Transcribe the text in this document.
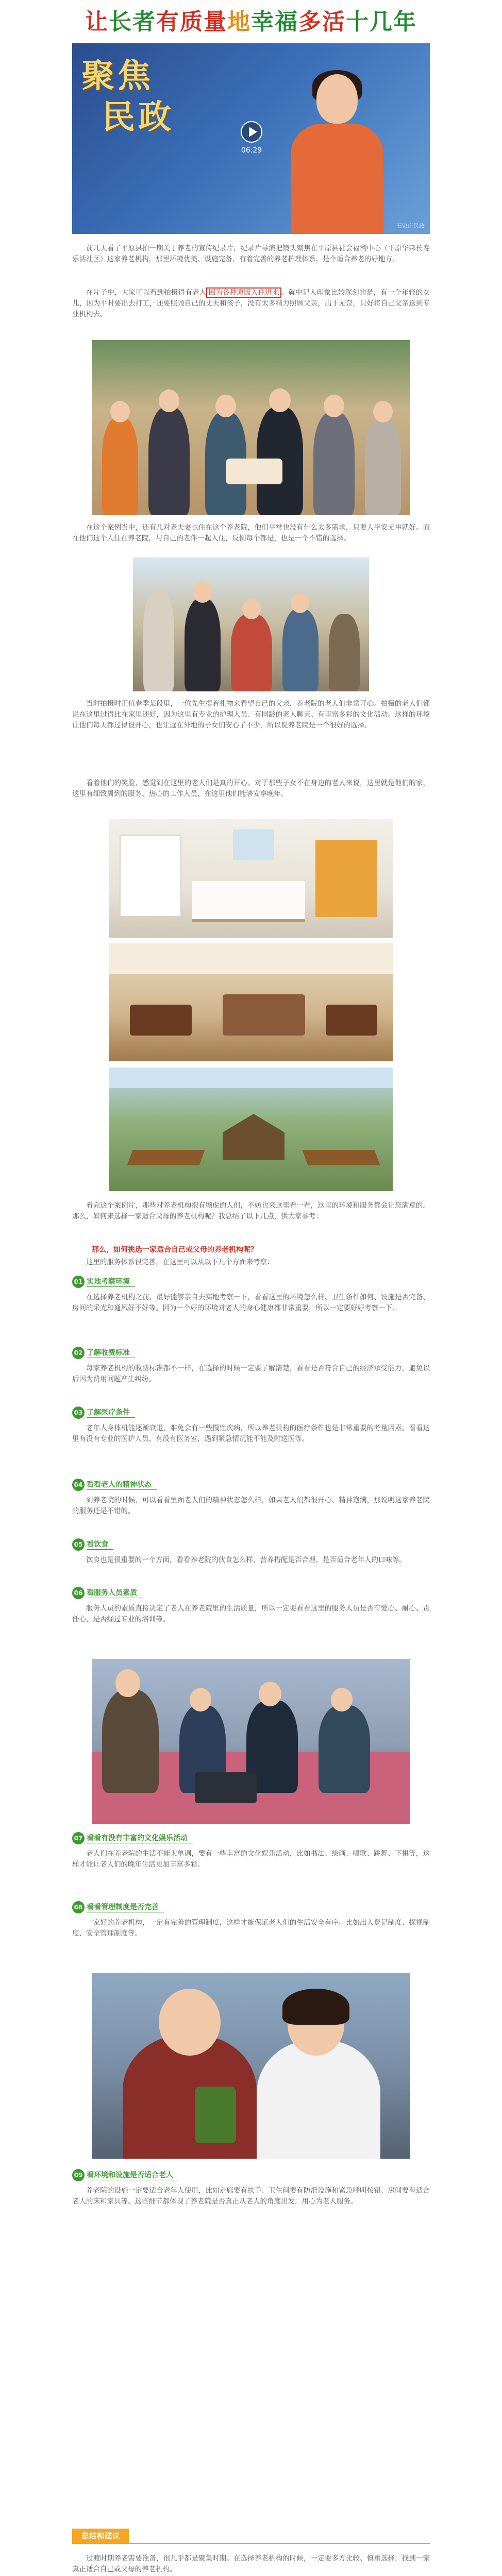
让长者有质量地幸福多活十几年
聚焦
民政
06:29
石家庄民政

前几天看了平原县拍一期关于养老的宣传纪录片，纪录片导演把镜头聚焦在平原县社会福利中心（平原华邦长寿乐活社区）这家养老机构，那里环境优美、设施完备，有着完善的养老护理体系，是个适合养老的好地方。

在片子中，大家可以看到拍摄得有老人 因为各种原因入住进来 。就中记人印象比较深刻的是，有一个年轻的女儿，因为平时要出去打工，还要照顾自己的丈夫和孩子，没有太多精力照顾父亲，出于无奈，只好将自己父亲送到专业机构去。

在这个案例当中，还有几对老夫妻也住在这个养老院，他们平常也没有什么太多需求，只要人平安无事就好。而在他们这个人住在养老院，与自己的老伴一起入住，反倒每个都是，也是一个不错的选择。

当时拍摄时正值春季某段里，一位先生提着礼物来看望自己的父亲，养老院的老人们非常开心。拍摄的老人们都说在这里过得比在家里还好，因为这里有专业的护理人员、有同龄的老人聊天、有丰富多彩的文化活动。这样的环境让他们每天都过得很开心，也让远在外地的子女们安心了不少，所以说养老院是一个很好的选择。

看着他们的笑脸，感觉到在这里的老人们是真的开心。对于那些子女不在身边的老人来说，这里就是他们的家，这里有细致周到的服务、热心的工作人员，在这里他们能够安享晚年。

看完这个案例片，那些对养老机构抱有顾虑的人们，不妨也来这里看一看，这里的环境和服务都会让您满意的。那么，如何来选择一家适合父母的养老机构呢？我总结了以下几点，供大家参考：

那么，如何挑选一家适合自己或父母的养老机构呢？

这里的服务体系很完善，在这里可以从以下几个方面来考察：

01 实地考察环境

在选择养老机构之前，最好能够亲自去实地考察一下，看看这里的环境怎么样、卫生条件如何、设施是否完备、房间的采光和通风好不好等。因为一个好的环境对老人的身心健康都非常重要，所以一定要好好考察一下。

02 了解收费标准

每家养老机构的收费标准都不一样，在选择的时候一定要了解清楚，看看是否符合自己的经济承受能力，避免以后因为费用问题产生纠纷。

03 了解医疗条件

老年人身体机能逐渐衰退，难免会有一些慢性疾病，所以养老机构的医疗条件也是非常重要的考量因素。看看这里有没有专业的医护人员、有没有医务室，遇到紧急情况能不能及时送医等。

04 看看老人的精神状态

到养老院的时候，可以看看里面老人们的精神状态怎么样，如果老人们都很开心、精神饱满，那说明这家养老院的服务还是不错的。

05 看饮食

饮食也是很重要的一个方面，看看养老院的伙食怎么样，营养搭配是否合理，是否适合老年人的口味等。

06 看服务人员素质

服务人员的素质直接决定了老人在养老院里的生活质量，所以一定要看看这里的服务人员是否有爱心、耐心、责任心，是否经过专业的培训等。

07 看看有没有丰富的文化娱乐活动

老人们在养老院的生活不能太单调，要有一些丰富的文化娱乐活动，比如书法、绘画、唱歌、跳舞、下棋等，这样才能让老人们的晚年生活更加丰富多彩。

08 看看管理制度是否完善

一家好的养老机构，一定有完善的管理制度，这样才能保证老人们的生活安全有序。比如出入登记制度、探视制度、安全管理制度等。

09 看环境和设施是否适合老人

养老院的设施一定要适合老年人使用，比如走廊要有扶手、卫生间要有防滑设施和紧急呼叫按钮、房间要有适合老人的床和家具等。这些细节都体现了养老院是否真正从老人的角度出发，用心为老人服务。

总结和建议

过渡时期养老需要准备，很几乎都是聚集时期。在选择养老机构的时候，一定要多方比较、慎重选择，找到一家真正适合自己或父母的养老机构。
